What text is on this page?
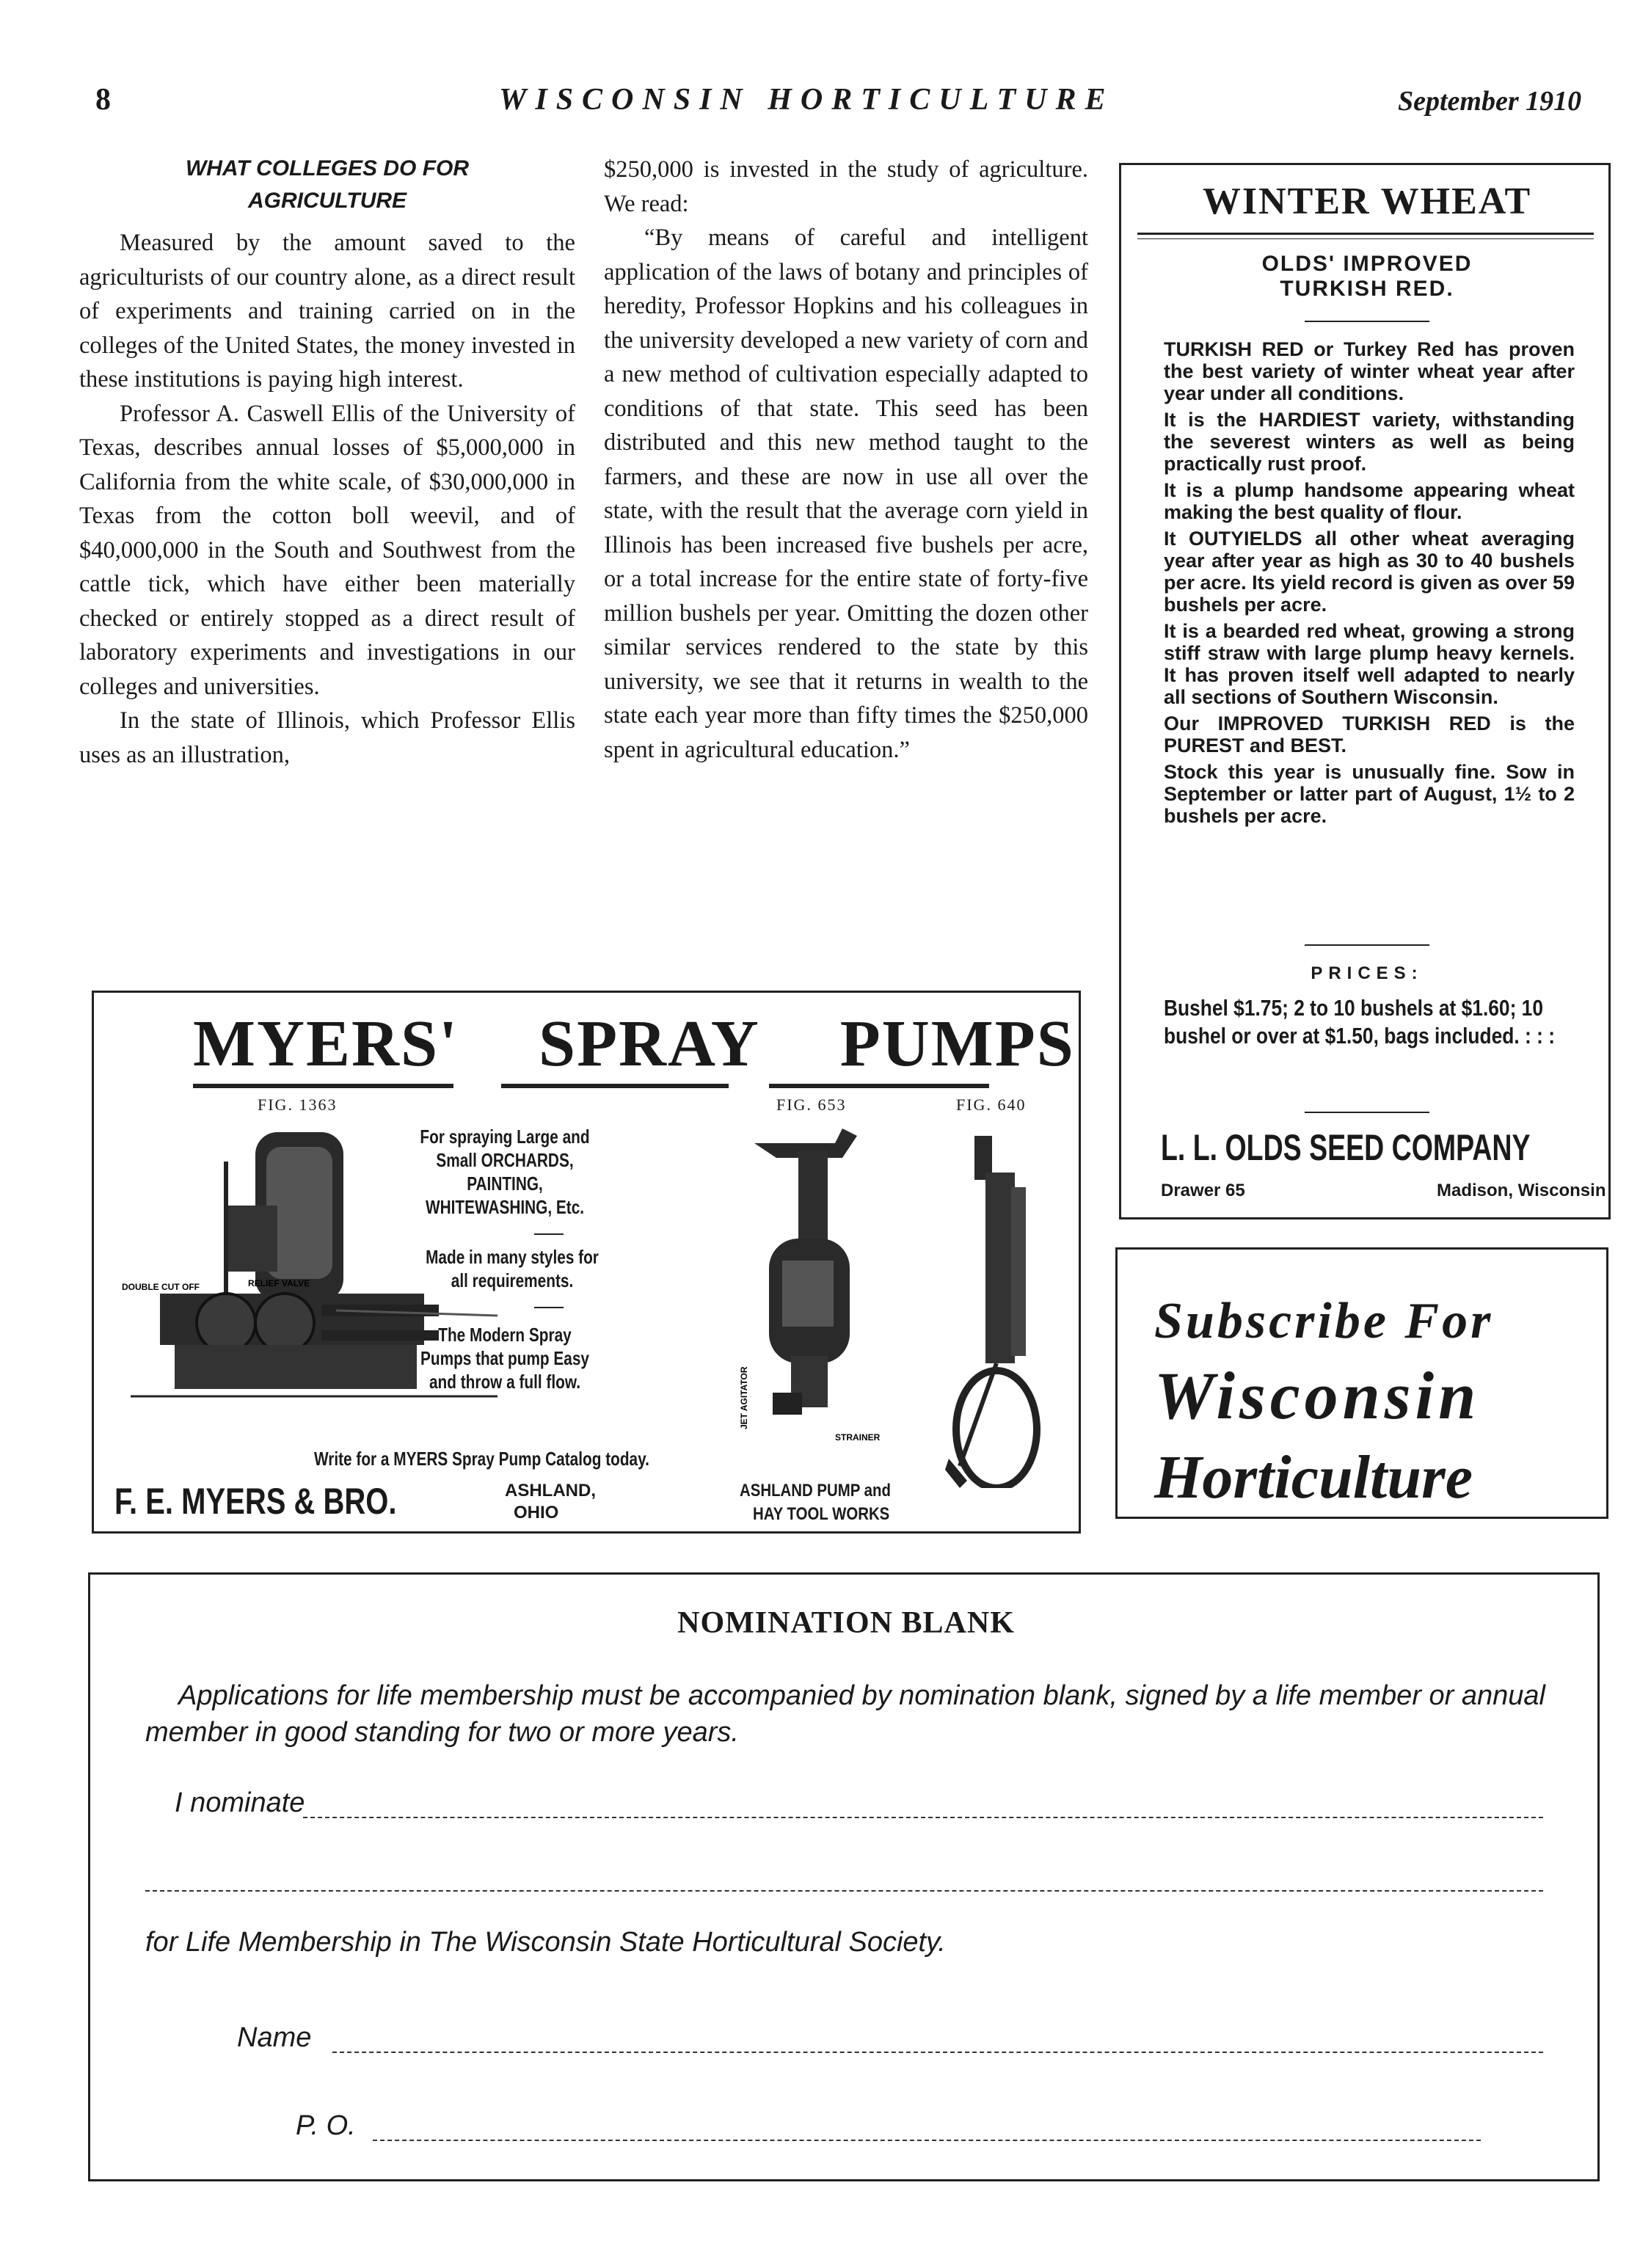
8	WISCONSIN HORTICULTURE	September 1910
WHAT COLLEGES DO FOR
AGRICULTURE

Measured by the amount saved to the agriculturists of our country alone, as a direct result of experiments and training carried on in the colleges of the United States, the money invested in these institutions is paying high interest.

Professor A. Caswell Ellis of the University of Texas, describes annual losses of $5,000,000 in California from the white scale, of $30,000,000 in Texas from the cotton boll weevil, and of $40,000,000 in the South and Southwest from the cattle tick, which have either been materially checked or entirely stopped as a direct result of laboratory experiments and investigations in our colleges and universities.

In the state of Illinois, which Professor Ellis uses as an illustration,

$250,000 is invested in the study of agriculture. We read:

“By means of careful and intelligent application of the laws of botany and principles of heredity, Professor Hopkins and his colleagues in the university developed a new variety of corn and a new method of cultivation especially adapted to conditions of that state. This seed has been distributed and this new method taught to the farmers, and these are now in use all over the state, with the result that the average corn yield in Illinois has been increased five bushels per acre, or a total increase for the entire state of forty-five million bushels per year. Omitting the dozen other similar services rendered to the state by this university, we see that it returns in wealth to the state each year more than fifty times the $250,000 spent in agricultural education.”

WINTER WHEAT
OLDS' IMPROVED
TURKISH RED.

TURKISH RED or Turkey Red has proven the best variety of winter wheat year after year under all conditions.

It is the HARDIEST variety, withstanding the severest winters as well as being practically rust proof.

It is a plump handsome appearing wheat making the best quality of flour.

It OUTYIELDS all other wheat averaging year after year as high as 30 to 40 bushels per acre. Its yield record is given as over 59 bushels per acre.

It is a bearded red wheat, growing a strong stiff straw with large plump heavy kernels. It has proven itself well adapted to nearly all sections of Southern Wisconsin.

Our IMPROVED TURKISH RED is the PUREST and BEST.

Stock this year is unusually fine. Sow in September or latter part of August, 1½ to 2 bushels per acre.

PRICES:
Bushel $1.75; 2 to 10 bushels at $1.60; 10 bushel or over at $1.50, bags included. : : :
L. L. OLDS SEED COMPANY
Drawer 65	Madison, Wisconsin
Subscribe For
Wisconsin
Horticulture
MYERS' SPRAY PUMPS
FIG. 1363	FIG. 653	FIG. 640
DOUBLE CUT OFF	RELIEF VALVE
For spraying Large and Small ORCHARDS, PAINTING, WHITEWASHING, Etc.
Made in many styles for all requirements.
The Modern Spray Pumps that pump Easy and throw a full flow.
STRAINER
JET AGITATOR
Write for a MYERS Spray Pump Catalog today.
F. E. MYERS & BRO.	ASHLAND,
OHIO
ASHLAND PUMP and
HAY TOOL WORKS
NOMINATION BLANK
Applications for life membership must be accompanied by nomination blank, signed by a life member or annual member in good standing for two or more years.
I nominate
for Life Membership in The Wisconsin State Horticultural Society.
Name
P. O.
